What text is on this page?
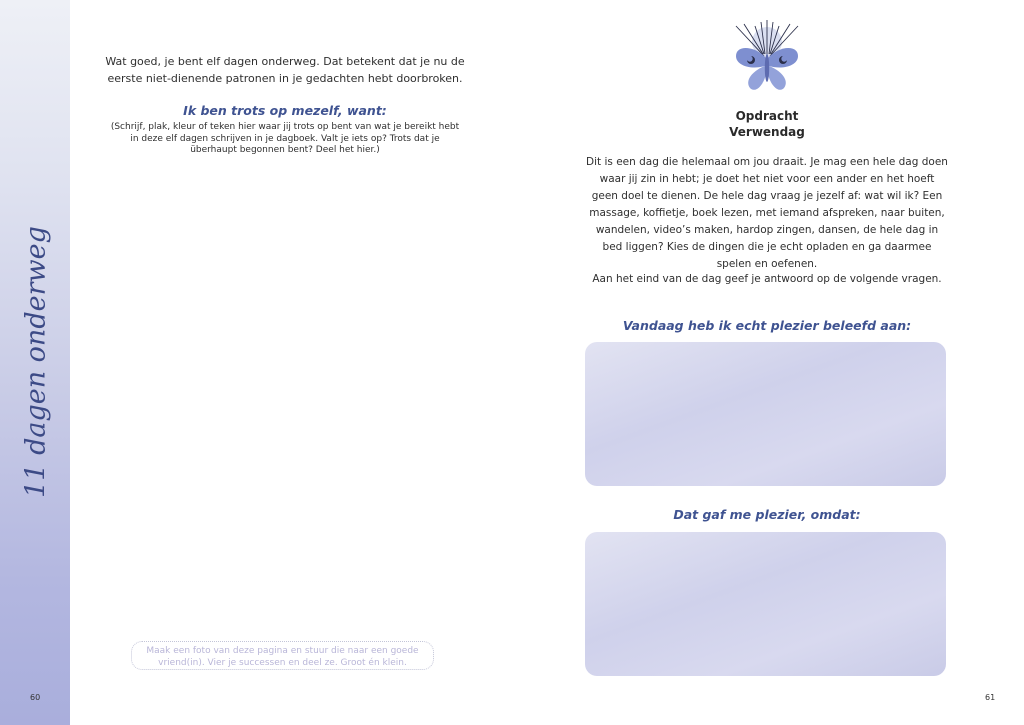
11 dagen onderweg
60	61
Wat goed, je bent elf dagen onderweg. Dat betekent dat je nu de eerste niet-dienende patronen in je gedachten hebt doorbroken.
Ik ben trots op mezelf, want:
(Schrijf, plak, kleur of teken hier waar jij trots op bent van wat je bereikt hebt in deze elf dagen schrijven in je dagboek. Valt je iets op? Trots dat je überhaupt begonnen bent? Deel het hier.)
Maak een foto van deze pagina en stuur die naar een goede vriend(in). Vier je successen en deel ze. Groot én klein.
Opdracht
Verwendag
Dit is een dag die helemaal om jou draait. Je mag een hele dag doen waar jij zin in hebt; je doet het niet voor een ander en het hoeft geen doel te dienen. De hele dag vraag je jezelf af: wat wil ik? Een massage, koffietje, boek lezen, met iemand afspreken, naar buiten, wandelen, video’s maken, hardop zingen, dansen, de hele dag in bed liggen? Kies de dingen die je echt opladen en ga daarmee spelen en oefenen.
Aan het eind van de dag geef je antwoord op de volgende vragen.
Vandaag heb ik echt plezier beleefd aan:
Dat gaf me plezier, omdat:
